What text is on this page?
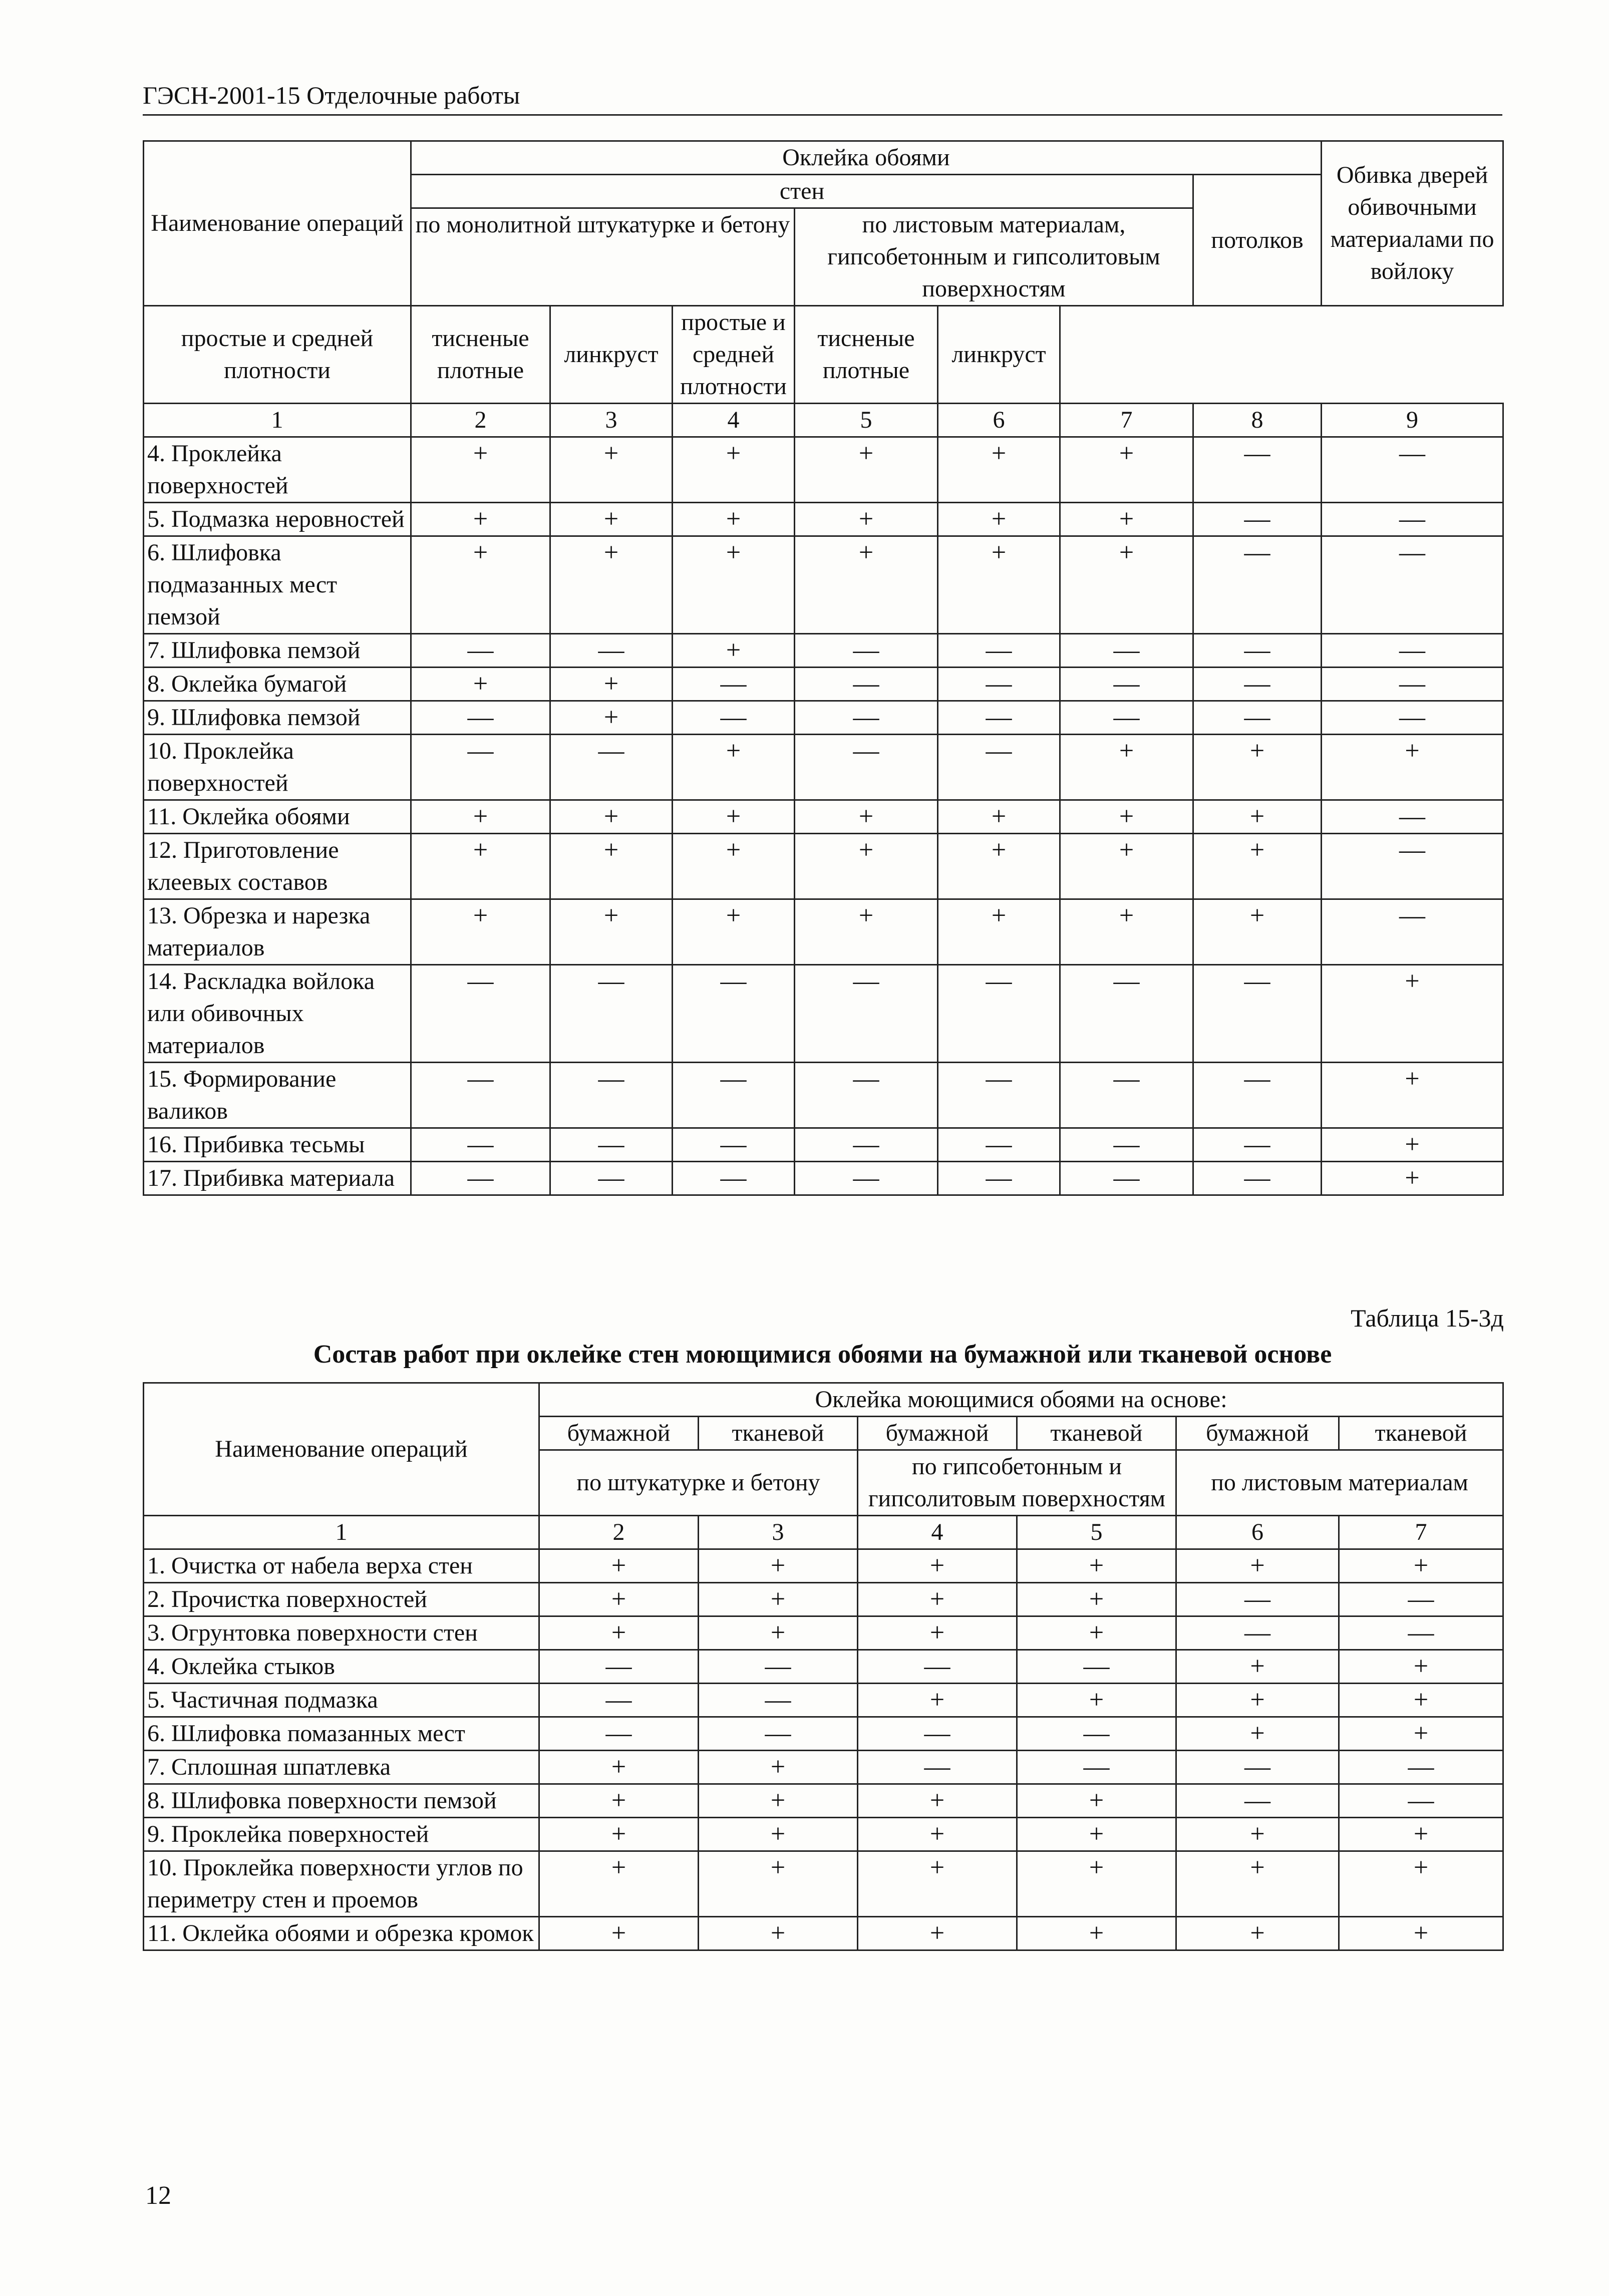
ГЭСН-2001-15 Отделочные работы
Наименование операций	Оклейка обоями							Обивка дверей обивочными материалами по войлоку
	стен						потолков	
	по монолитной штукатурке и бетону			по листовым материалам, гипсобетонным и гипсолитовым поверхностям				
простые и средней плотности	тисненые плотные	линкруст	простые и средней плотности	тисненые плотные	линкруст			
1	2	3	4	5	6	7	8	9
4. Проклейка поверхностей	+	+	+	+	+	+	—	—
5. Подмазка неровностей	+	+	+	+	+	+	—	—
6. Шлифовка подмазанных мест пемзой	+	+	+	+	+	+	—	—
7. Шлифовка пемзой	—	—	+	—	—	—	—	—
8. Оклейка бумагой	+	+	—	—	—	—	—	—
9. Шлифовка пемзой	—	+	—	—	—	—	—	—
10. Проклейка поверхностей	—	—	+	—	—	+	+	+
11. Оклейка обоями	+	+	+	+	+	+	+	—
12. Приготовление клеевых составов	+	+	+	+	+	+	+	—
13. Обрезка и нарезка материалов	+	+	+	+	+	+	+	—
14. Раскладка войлока или обивочных материалов	—	—	—	—	—	—	—	+
15. Формирование валиков	—	—	—	—	—	—	—	+
16. Прибивка тесьмы	—	—	—	—	—	—	—	+
17. Прибивка материала	—	—	—	—	—	—	—	+
Таблица 15-3д
Состав работ при оклейке стен моющимися обоями на бумажной или тканевой основе
Наименование операций	Оклейка моющимися обоями на основе:					
	бумажной	тканевой	бумажной	тканевой	бумажной	тканевой
	по штукатурке и бетону		по гипсобетонным и гипсолитовым поверхностям		по листовым материалам	
1	2	3	4	5	6	7
1. Очистка от набела верха стен	+	+	+	+	+	+
2. Прочистка поверхностей	+	+	+	+	—	—
3. Огрунтовка поверхности стен	+	+	+	+	—	—
4. Оклейка стыков	—	—	—	—	+	+
5. Частичная подмазка	—	—	+	+	+	+
6. Шлифовка помазанных мест	—	—	—	—	+	+
7. Сплошная шпатлевка	+	+	—	—	—	—
8. Шлифовка поверхности пемзой	+	+	+	+	—	—
9. Проклейка поверхностей	+	+	+	+	+	+
10. Проклейка поверхности углов по периметру стен и проемов	+	+	+	+	+	+
11. Оклейка обоями и обрезка кромок	+	+	+	+	+	+
12
